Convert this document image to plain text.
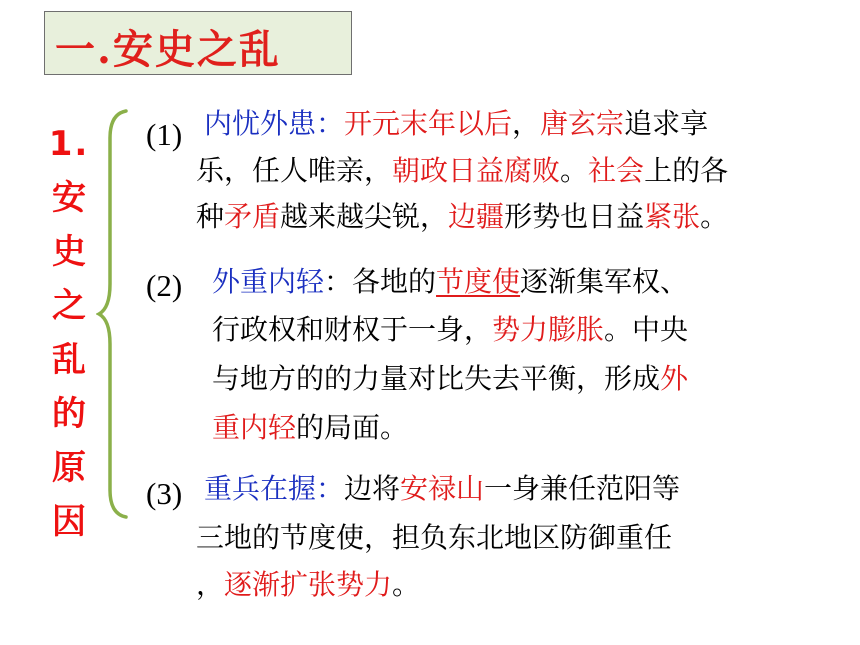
一.安史之乱
1.
安
史
之
乱
的
原
因
(1) 内忧外患：开元末年以后，唐玄宗追求享
乐，任人唯亲，朝政日益腐败。社会上的各
种矛盾越来越尖锐，边疆形势也日益紧张。
(2) 外重内轻：各地的节度使逐渐集军权、
行政权和财权于一身，势力膨胀。中央
与地方的的力量对比失去平衡，形成外
重内轻的局面。
(3) 重兵在握：边将安禄山一身兼任范阳等
三地的节度使，担负东北地区防御重任
，逐渐扩张势力。
